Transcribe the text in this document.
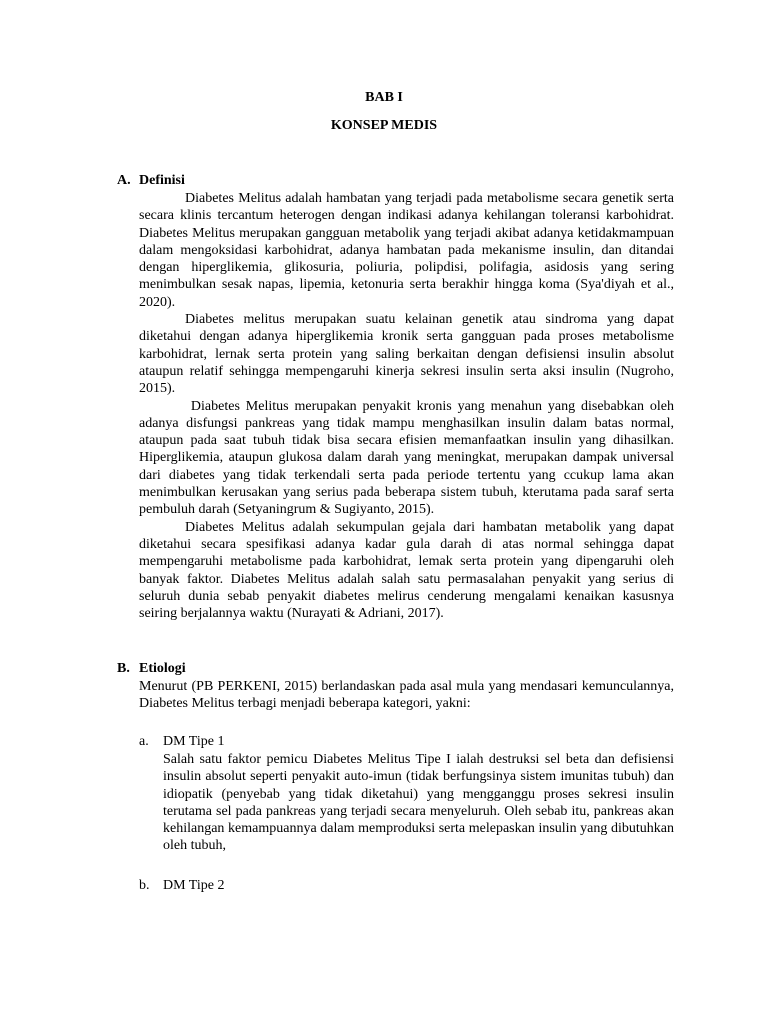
BAB I
KONSEP MEDIS
A. Definisi

Diabetes Melitus adalah hambatan yang terjadi pada metabolisme secara genetik serta secara klinis tercantum heterogen dengan indikasi adanya kehilangan toleransi karbohidrat. Diabetes Melitus merupakan gangguan metabolik yang terjadi akibat adanya ketidakmampuan dalam mengoksidasi karbohidrat, adanya hambatan pada mekanisme insulin, dan ditandai dengan hiperglikemia, glikosuria, poliuria, polipdisi, polifagia, asidosis yang sering menimbulkan sesak napas, lipemia, ketonuria serta berakhir hingga koma (Sya'diyah et al., 2020).

Diabetes melitus merupakan suatu kelainan genetik atau sindroma yang dapat diketahui dengan adanya hiperglikemia kronik serta gangguan pada proses metabolisme karbohidrat, lernak serta protein yang saling berkaitan dengan defisiensi insulin absolut ataupun relatif sehingga mempengaruhi kinerja sekresi insulin serta aksi insulin (Nugroho, 2015).

Diabetes Melitus merupakan penyakit kronis yang menahun yang disebabkan oleh adanya disfungsi pankreas yang tidak mampu menghasilkan insulin dalam batas normal, ataupun pada saat tubuh tidak bisa secara efisien memanfaatkan insulin yang dihasilkan. Hiperglikemia, ataupun glukosa dalam darah yang meningkat, merupakan dampak universal dari diabetes yang tidak terkendali serta pada periode tertentu yang ccukup lama akan menimbulkan kerusakan yang serius pada beberapa sistem tubuh, kterutama pada saraf serta pembuluh darah (Setyaningrum & Sugiyanto, 2015).

Diabetes Melitus adalah sekumpulan gejala dari hambatan metabolik yang dapat diketahui secara spesifikasi adanya kadar gula darah di atas normal sehingga dapat mempengaruhi metabolisme pada karbohidrat, lemak serta protein yang dipengaruhi oleh banyak faktor. Diabetes Melitus adalah salah satu permasalahan penyakit yang serius di seluruh dunia sebab penyakit diabetes melirus cenderung mengalami kenaikan kasusnya seiring berjalannya waktu (Nurayati & Adriani, 2017).

B. Etiologi
Menurut (PB PERKENI, 2015) berlandaskan pada asal mula yang mendasari kemunculannya, Diabetes Melitus terbagi menjadi beberapa kategori, yakni:
a. DM Tipe 1
Salah satu faktor pemicu Diabetes Melitus Tipe I ialah destruksi sel beta dan defisiensi insulin absolut seperti penyakit auto-imun (tidak berfungsinya sistem imunitas tubuh) dan idiopatik (penyebab yang tidak diketahui) yang mengganggu proses sekresi insulin terutama sel pada pankreas yang terjadi secara menyeluruh. Oleh sebab itu, pankreas akan kehilangan kemampuannya dalam memproduksi serta melepaskan insulin yang dibutuhkan oleh tubuh,
b. DM Tipe 2
